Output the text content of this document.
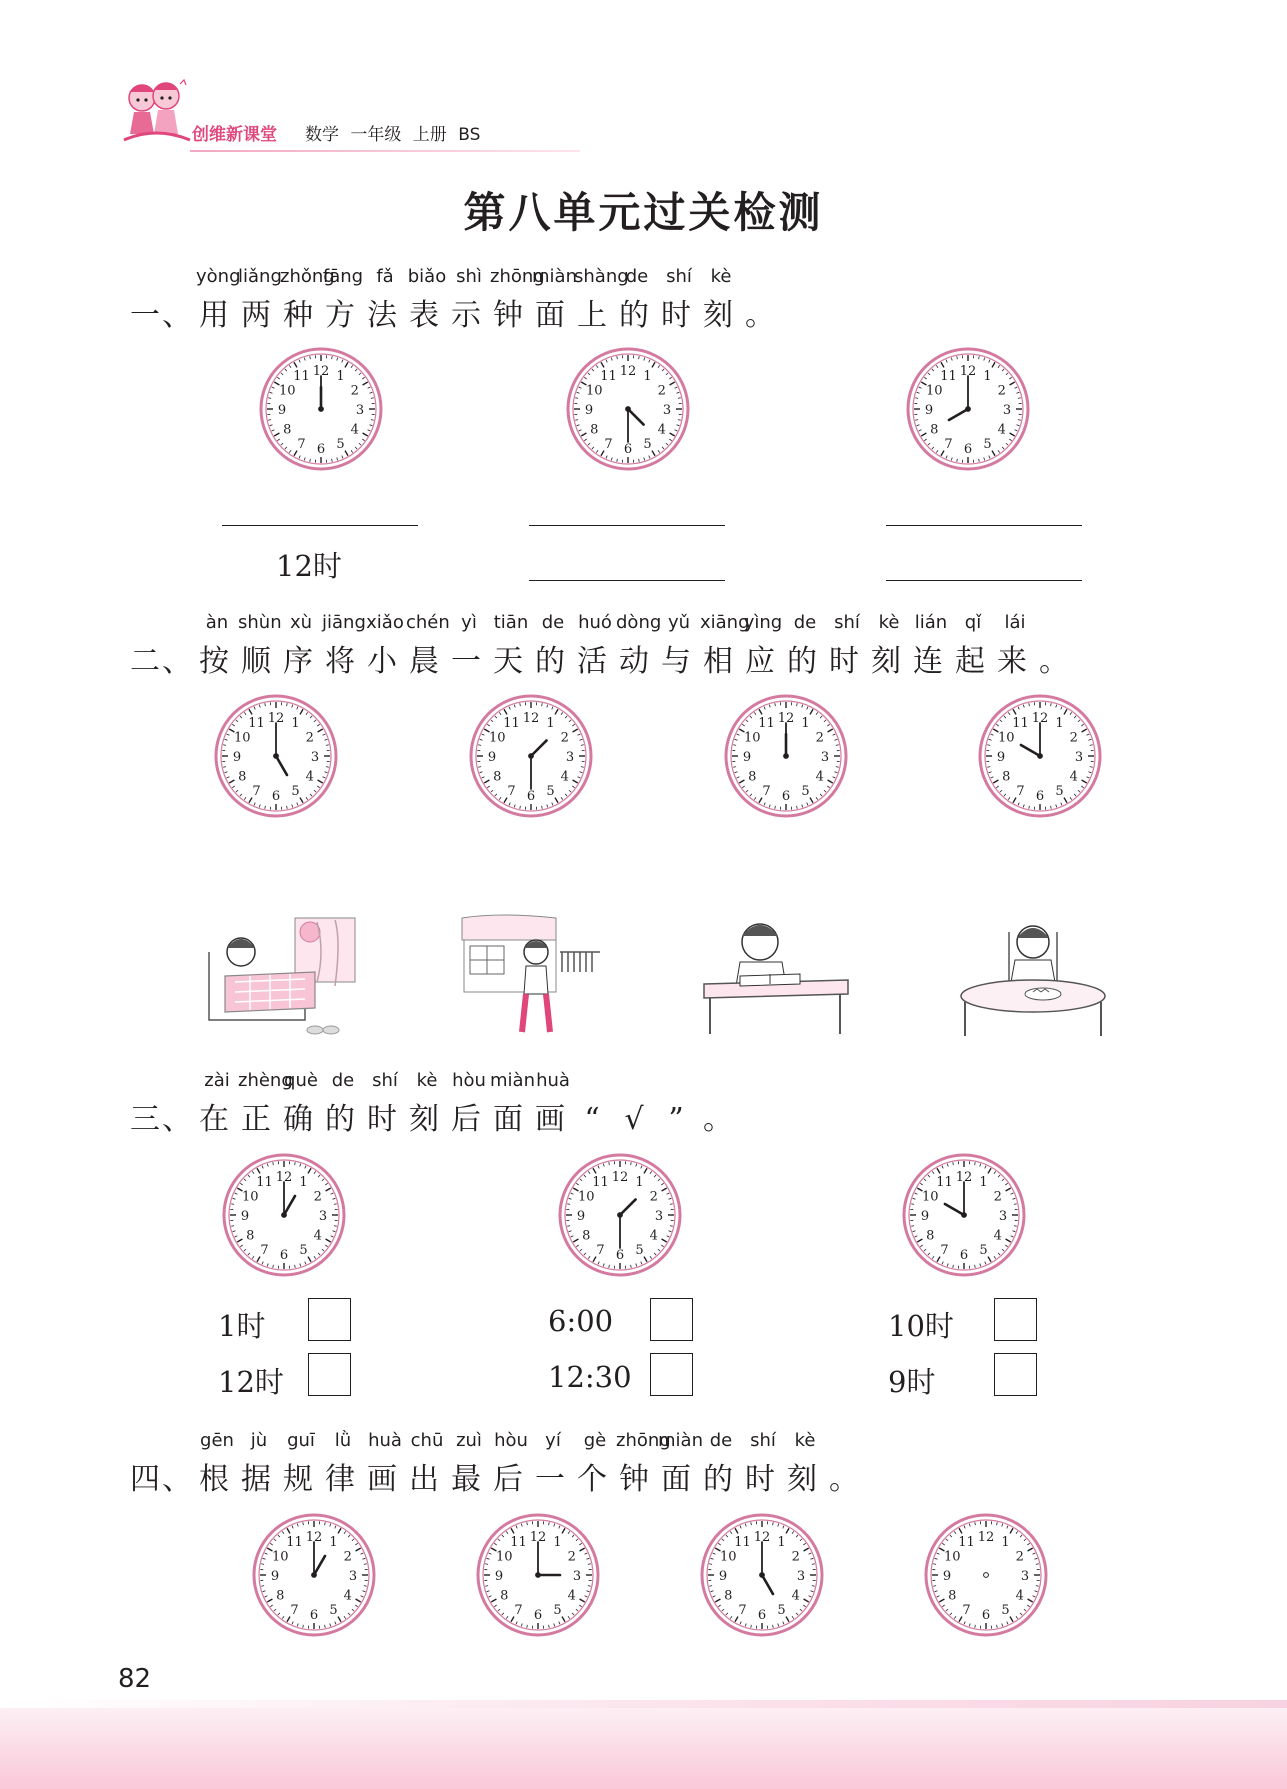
创维新课堂 数学 一年级 上册 BS
第八单元过关检测
yòngliǎngzhǒngfāng fǎ biǎo shì zhōngmiànshàngde shí kè
一、 用 两 种 方 法 表 示 钟 面 上 的 时 刻 。
12时
àn shùn xù jiāngxiǎo chén yì tiān de huó dòng yǔ xiāngyìng de shí kè lián qǐ lái
二、 按 顺 序 将 小 晨 一 天 的 活 动 与 相 应 的 时 刻 连 起 来 。
zài zhèngquè de shí kè hòu miànhuà
三、 在 正 确 的 时 刻 后 面 画 “ √ ” 。
1时
12时
6:00
12:30
10时
9时
gēn jù guī lǜ huà chū zuì hòu yí gè zhōngmiàn de shí kè
四、 根 据 规 律 画 出 最 后 一 个 钟 面 的 时 刻 。
82
1
2
3
4
5
6
7
8
9
10
11 12	1
2
3
4
5
6
7
8
9
10
11 12	1
2
3
4
5
6
7
8
9
10
11 12
1
2
3
4
5
6
7
8
9
10
11 12	1
2
3
4
5
6
7
8
9
10
11 12	1
2
3
4
5
6
7
8
9
10
11 12	1
2
3
4
5
6
7
8
9
10
11 12
1
2
3
4
5
6
7
8
9
10
11 12	1
2
3
4
5
6
7
8
9
10
11 12	1
2
3
4
5
6
7
8
9
10
11 12
1
2
3
4
5
6
7
8
9
10
11 12	1
2
3
4
5
6
7
8
9
10
11 12	1
2
3
4
5
6
7
8
9
10
11 12	1
2
3
4
5
6
7
8
9
10
11 12
